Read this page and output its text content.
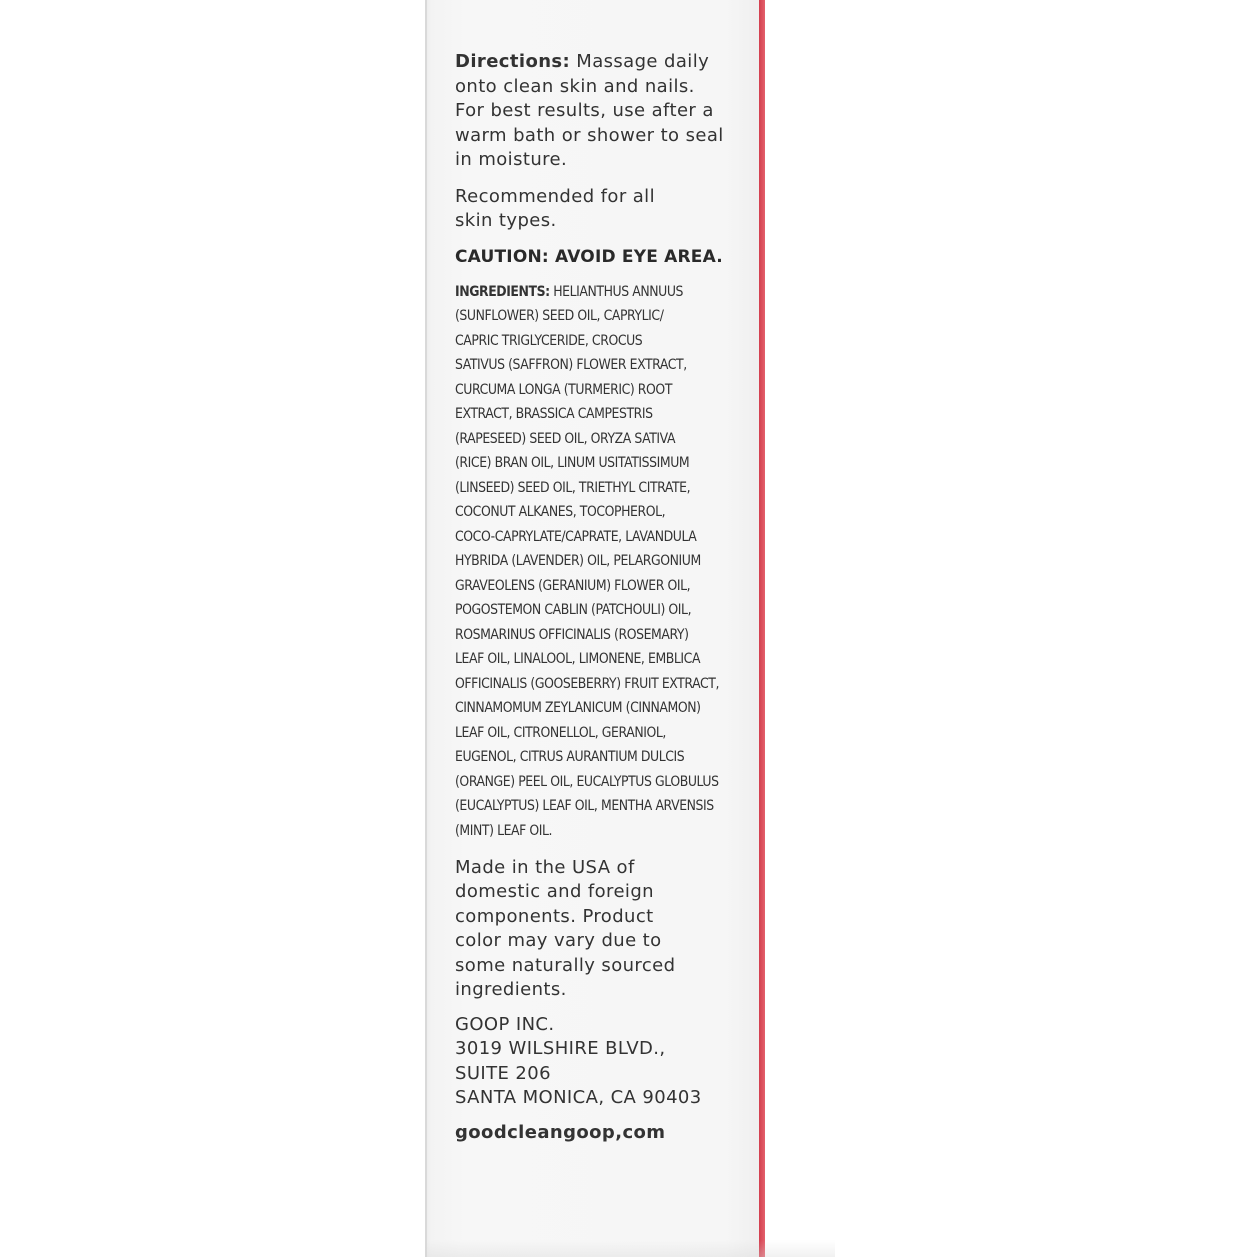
Directions: Massage daily
onto clean skin and nails.
For best results, use after a
warm bath or shower to seal
in moisture.

Recommended for all
skin types.

CAUTION: AVOID EYE AREA.

INGREDIENTS: HELIANTHUS ANNUUS
(SUNFLOWER) SEED OIL, CAPRYLIC/
CAPRIC TRIGLYCERIDE, CROCUS
SATIVUS (SAFFRON) FLOWER EXTRACT,
CURCUMA LONGA (TURMERIC) ROOT
EXTRACT, BRASSICA CAMPESTRIS
(RAPESEED) SEED OIL, ORYZA SATIVA
(RICE) BRAN OIL, LINUM USITATISSIMUM
(LINSEED) SEED OIL, TRIETHYL CITRATE,
COCONUT ALKANES, TOCOPHEROL,
COCO-CAPRYLATE/CAPRATE, LAVANDULA
HYBRIDA (LAVENDER) OIL, PELARGONIUM
GRAVEOLENS (GERANIUM) FLOWER OIL,
POGOSTEMON CABLIN (PATCHOULI) OIL,
ROSMARINUS OFFICINALIS (ROSEMARY)
LEAF OIL, LINALOOL, LIMONENE, EMBLICA
OFFICINALIS (GOOSEBERRY) FRUIT EXTRACT,
CINNAMOMUM ZEYLANICUM (CINNAMON)
LEAF OIL, CITRONELLOL, GERANIOL,
EUGENOL, CITRUS AURANTIUM DULCIS
(ORANGE) PEEL OIL, EUCALYPTUS GLOBULUS
(EUCALYPTUS) LEAF OIL, MENTHA ARVENSIS
(MINT) LEAF OIL.

Made in the USA of
domestic and foreign
components. Product
color may vary due to
some naturally sourced
ingredients.

GOOP INC.
3019 WILSHIRE BLVD.,
SUITE 206
SANTA MONICA, CA 90403

goodcleangoop,com
